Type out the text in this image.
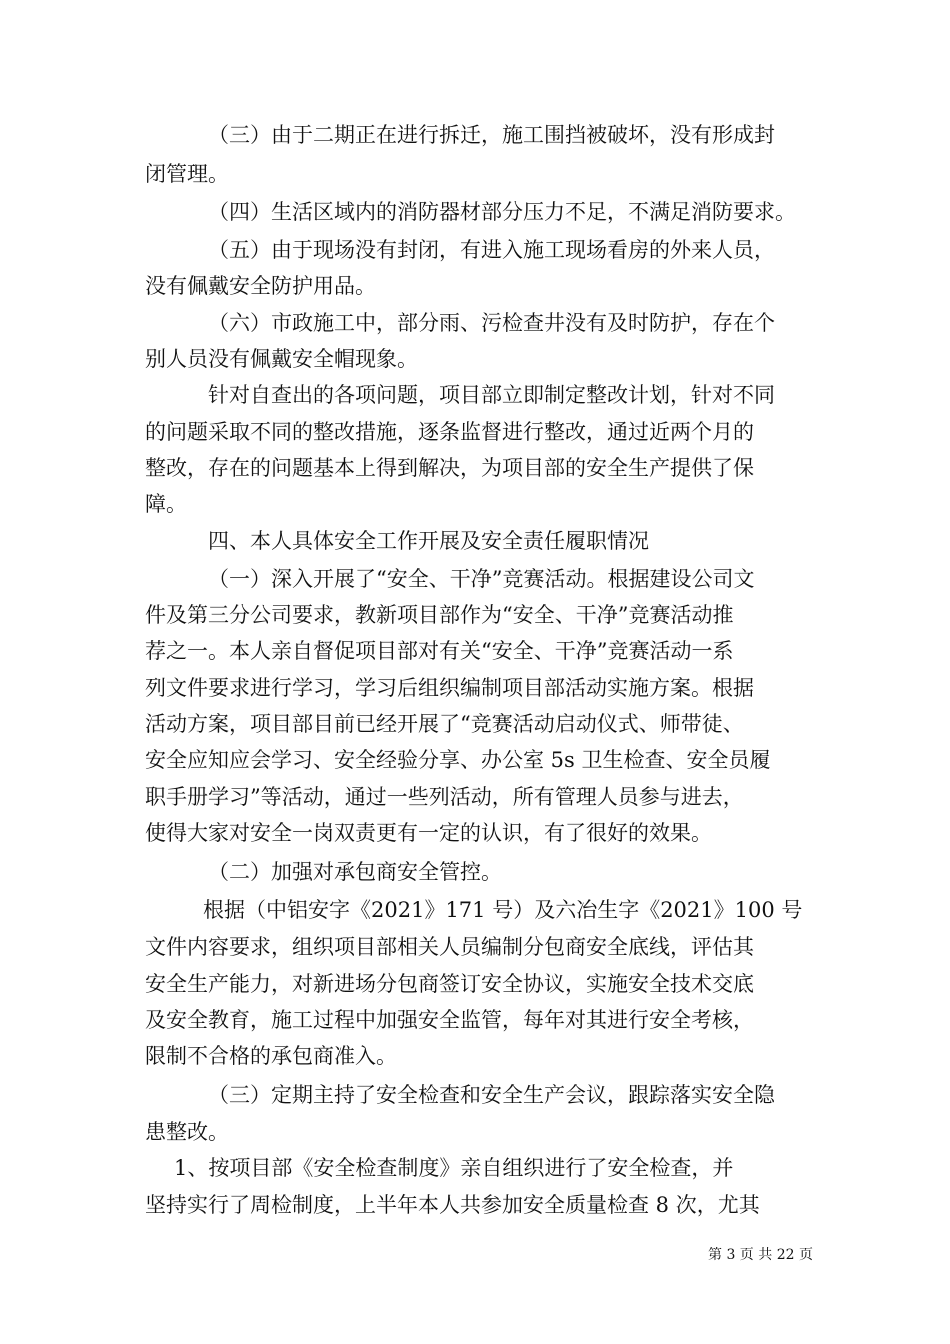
（三）由于二期正在进行拆迁，施工围挡被破坏，没有形成封
闭管理。
（四）生活区域内的消防器材部分压力不足，不满足消防要求。
（五）由于现场没有封闭，有进入施工现场看房的外来人员，
没有佩戴安全防护用品。
（六）市政施工中，部分雨、污检查井没有及时防护，存在个
别人员没有佩戴安全帽现象。
针对自查出的各项问题，项目部立即制定整改计划，针对不同
的问题采取不同的整改措施，逐条监督进行整改，通过近两个月的
整改，存在的问题基本上得到解决，为项目部的安全生产提供了保
障。
四、本人具体安全工作开展及安全责任履职情况
（一）深入开展了“安全、干净”竞赛活动。根据建设公司文
件及第三分公司要求，教新项目部作为“安全、干净”竞赛活动推
荐之一。本人亲自督促项目部对有关“安全、干净”竞赛活动一系
列文件要求进行学习，学习后组织编制项目部活动实施方案。根据
活动方案，项目部目前已经开展了“竞赛活动启动仪式、师带徒、
安全应知应会学习、安全经验分享、办公室 5s 卫生检查、安全员履
职手册学习”等活动，通过一些列活动，所有管理人员参与进去，
使得大家对安全一岗双责更有一定的认识，有了很好的效果。
（二）加强对承包商安全管控。
根据（中铝安字《2021》171 号）及六冶生字《2021》100 号
文件内容要求，组织项目部相关人员编制分包商安全底线，评估其
安全生产能力，对新进场分包商签订安全协议，实施安全技术交底
及安全教育，施工过程中加强安全监管，每年对其进行安全考核，
限制不合格的承包商准入。
（三）定期主持了安全检查和安全生产会议，跟踪落实安全隐
患整改。
1、按项目部《安全检查制度》亲自组织进行了安全检查，并
坚持实行了周检制度，上半年本人共参加安全质量检查 8 次，尤其
第 3 页 共 22 页
